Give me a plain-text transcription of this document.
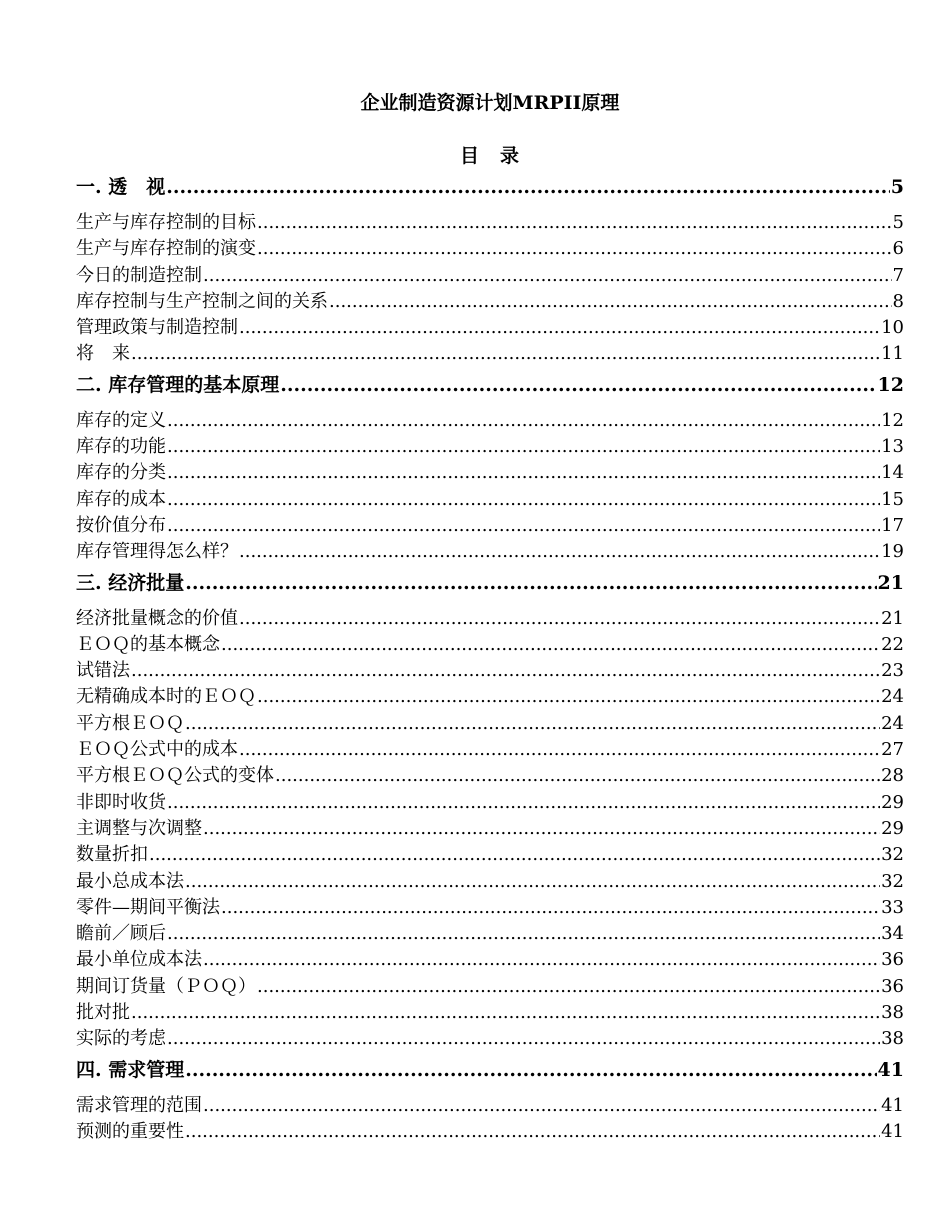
企业制造资源计划MRPII原理
目　录
一. 透　视 .....	5
生产与库存控制的目标 .....	5
生产与库存控制的演变 .....	6
今日的制造控制 .....	7
库存控制与生产控制之间的关系 .....	8
管理政策与制造控制 .....	10
将　来 .....	11
二. 库存管理的基本原理 .....	12
库存的定义 .....	12
库存的功能 .....	13
库存的分类 .....	14
库存的成本 .....	15
按价值分布 .....	17
库存管理得怎么样？ .....	19
三. 经济批量 .....	21
经济批量概念的价值 .....	21
ＥＯＱ的基本概念 .....	22
试错法 .....	23
无精确成本时的ＥＯＱ .....	24
平方根ＥＯＱ .....	24
ＥＯＱ公式中的成本 .....	27
平方根ＥＯＱ公式的变体 .....	28
非即时收货 .....	29
主调整与次调整 .....	29
数量折扣 .....	32
最小总成本法 .....	32
零件—期间平衡法 .....	33
瞻前／顾后 .....	34
最小单位成本法 .....	36
期间订货量（ＰＯＱ） .....	36
批对批 .....	38
实际的考虑 .....	38
四. 需求管理 .....	41
需求管理的范围 .....	41
预测的重要性 .....	41
